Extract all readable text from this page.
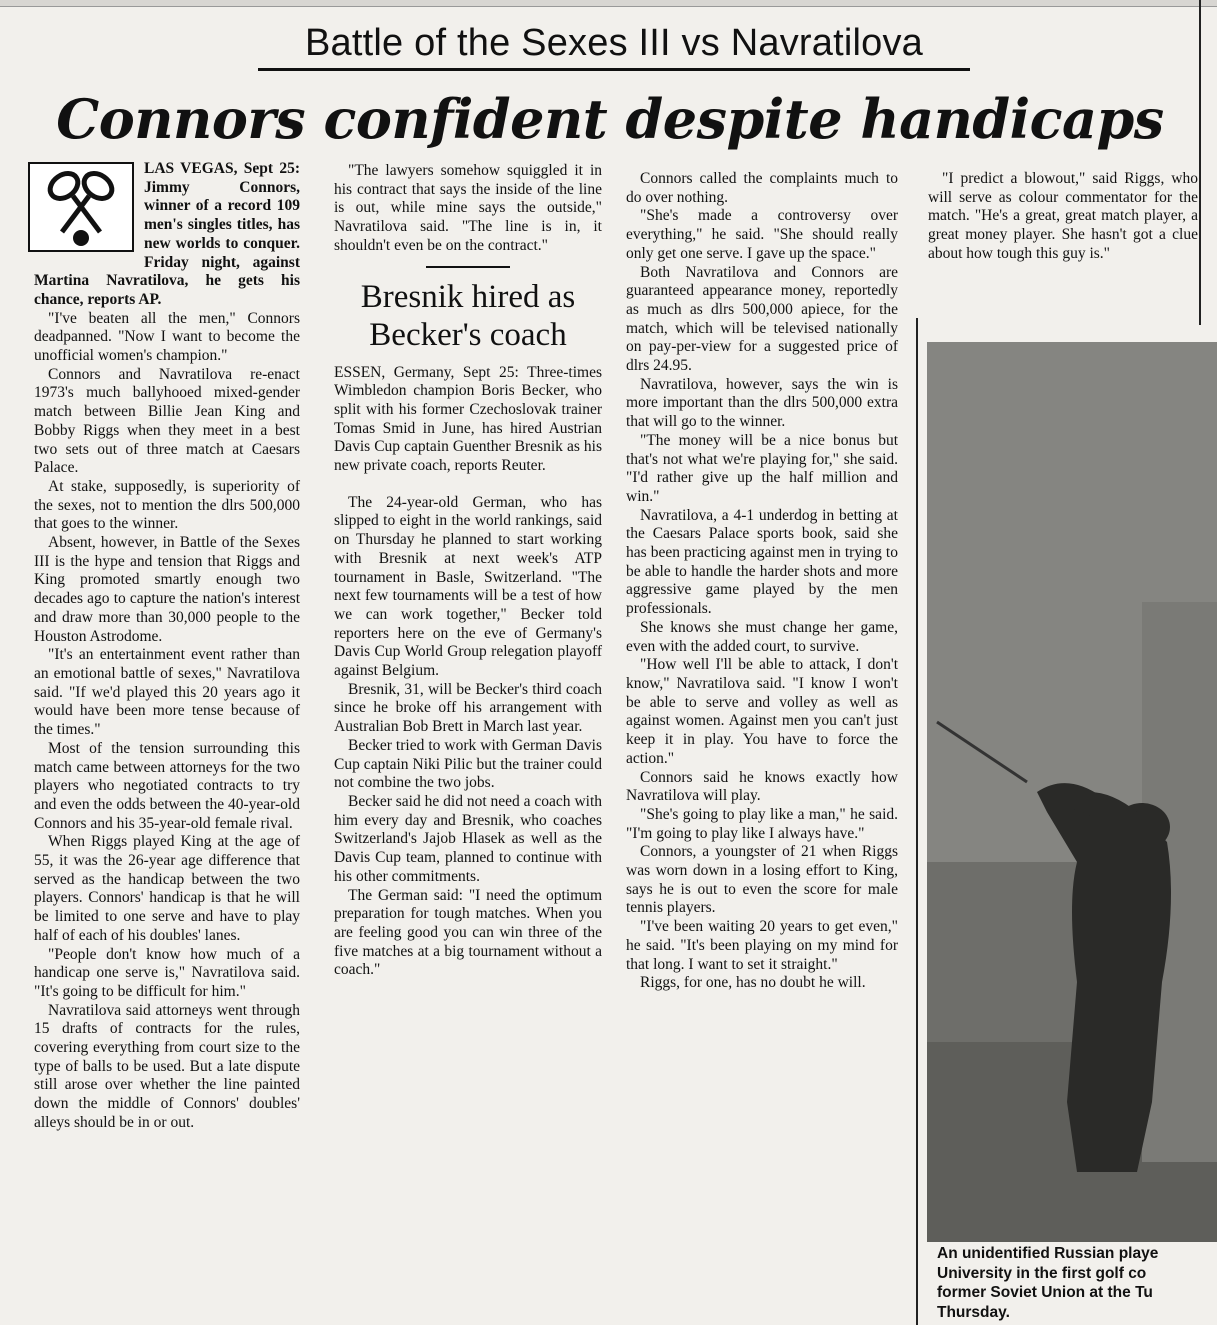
Battle of the Sexes III vs Navratilova
Connors confident despite handicaps

LAS VEGAS, Sept 25: Jimmy Connors, winner of a record 109 men's singles titles, has new worlds to conquer. Friday night, against Martina Navratilova, he gets his chance, reports AP.

"I've beaten all the men," Connors deadpanned. "Now I want to become the unofficial women's champion."

Connors and Navratilova re-enact 1973's much ballyhooed mixed-gender match between Billie Jean King and Bobby Riggs when they meet in a best two sets out of three match at Caesars Palace.

At stake, supposedly, is superiority of the sexes, not to mention the dlrs 500,000 that goes to the winner.

Absent, however, in Battle of the Sexes III is the hype and tension that Riggs and King promoted smartly enough two decades ago to capture the nation's interest and draw more than 30,000 people to the Houston Astrodome.

"It's an entertainment event rather than an emotional battle of sexes," Navratilova said. "If we'd played this 20 years ago it would have been more tense because of the times."

Most of the tension surrounding this match came between attorneys for the two players who negotiated contracts to try and even the odds between the 40-year-old Connors and his 35-year-old female rival.

When Riggs played King at the age of 55, it was the 26-year age difference that served as the handicap between the two players. Connors' handicap is that he will be limited to one serve and have to play half of each of his doubles' lanes.

"People don't know how much of a handicap one serve is," Navratilova said. "It's going to be difficult for him."

Navratilova said attorneys went through 15 drafts of contracts for the rules, covering everything from court size to the type of balls to be used. But a late dispute still arose over whether the line painted down the middle of Connors' doubles' alleys should be in or out.

"The lawyers somehow squiggled it in his contract that says the inside of the line is out, while mine says the outside," Navratilova said. "The line is in, it shouldn't even be on the contract."

Bresnik hired as Becker's coach

ESSEN, Germany, Sept 25: Three-times Wimbledon champion Boris Becker, who split with his former Czechoslovak trainer Tomas Smid in June, has hired Austrian Davis Cup captain Guenther Bresnik as his new private coach, reports Reuter.

The 24-year-old German, who has slipped to eight in the world rankings, said on Thursday he planned to start working with Bresnik at next week's ATP tournament in Basle, Switzerland. "The next few tournaments will be a test of how we can work together," Becker told reporters here on the eve of Germany's Davis Cup World Group relegation playoff against Belgium.

Bresnik, 31, will be Becker's third coach since he broke off his arrangement with Australian Bob Brett in March last year.

Becker tried to work with German Davis Cup captain Niki Pilic but the trainer could not combine the two jobs.

Becker said he did not need a coach with him every day and Bresnik, who coaches Switzerland's Jajob Hlasek as well as the Davis Cup team, planned to continue with his other commitments.

The German said: "I need the optimum preparation for tough matches. When you are feeling good you can win three of the five matches at a big tournament without a coach."

Connors called the complaints much to do over nothing.

"She's made a controversy over everything," he said. "She should really only get one serve. I gave up the space."

Both Navratilova and Connors are guaranteed appearance money, reportedly as much as dlrs 500,000 apiece, for the match, which will be televised nationally on pay-per-view for a suggested price of dlrs 24.95.

Navratilova, however, says the win is more important than the dlrs 500,000 extra that will go to the winner.

"The money will be a nice bonus but that's not what we're playing for," she said. "I'd rather give up the half million and win."

Navratilova, a 4-1 underdog in betting at the Caesars Palace sports book, said she has been practicing against men in trying to be able to handle the harder shots and more aggressive game played by the men professionals.

She knows she must change her game, even with the added court, to survive.

"How well I'll be able to attack, I don't know," Navratilova said. "I know I won't be able to serve and volley as well as against women. Against men you can't just keep it in play. You have to force the action."

Connors said he knows exactly how Navratilova will play.

"She's going to play like a man," he said. "I'm going to play like I always have."

Connors, a youngster of 21 when Riggs was worn down in a losing effort to King, says he is out to even the score for male tennis players.

"I've been waiting 20 years to get even," he said. "It's been playing on my mind for that long. I want to set it straight."

Riggs, for one, has no doubt he will.

"I predict a blowout," said Riggs, who will serve as colour commentator for the match. "He's a great, great match player, a great money player. She hasn't got a clue about how tough this guy is."

An unidentified Russian playe
University in the first golf co
former Soviet Union at the Tu
Thursday.
